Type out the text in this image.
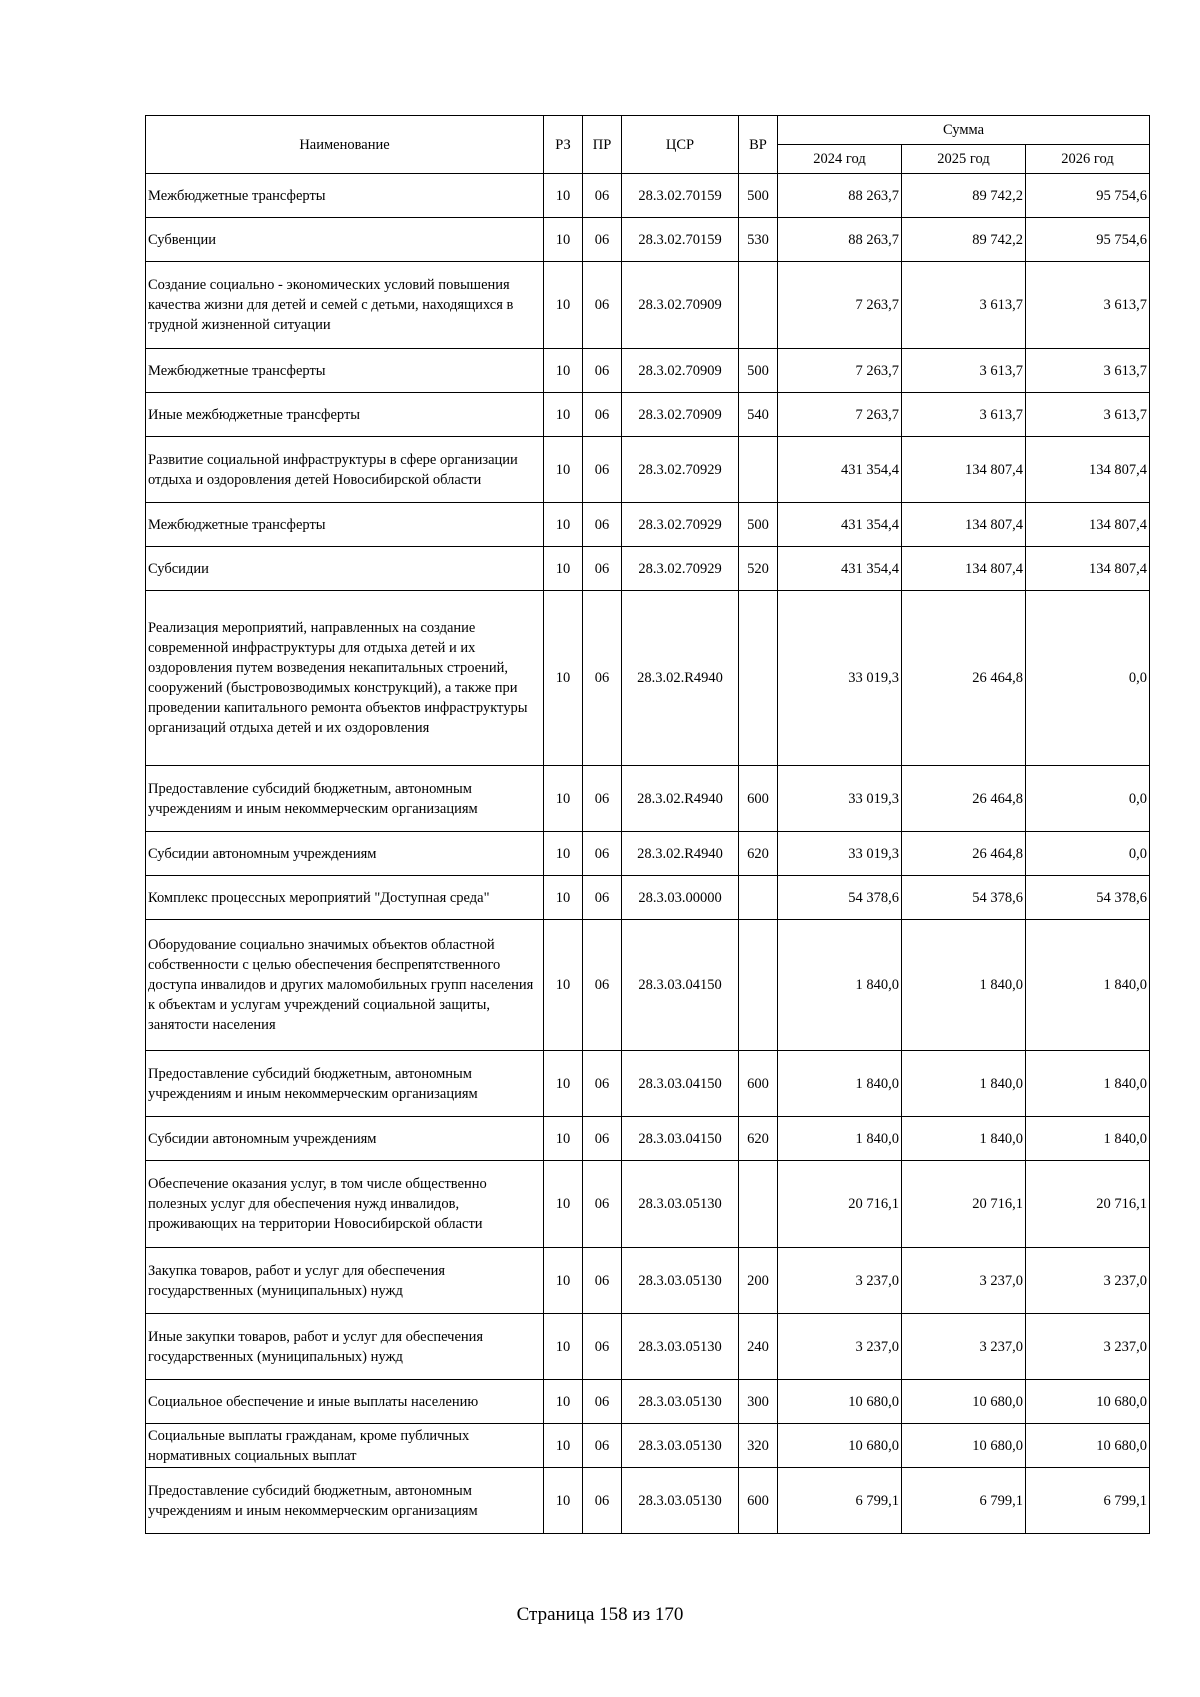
Наименование	РЗ	ПР	ЦСР	ВР	Сумма		
					2024 год	2025 год	2026 год
Межбюджетные трансферты	10	06	28.3.02.70159	500	88 263,7	89 742,2	95 754,6
Субвенции	10	06	28.3.02.70159	530	88 263,7	89 742,2	95 754,6
Создание социально - экономических условий повышения качества жизни для детей и семей с детьми, находящихся в трудной жизненной ситуации	10	06	28.3.02.70909		7 263,7	3 613,7	3 613,7
Межбюджетные трансферты	10	06	28.3.02.70909	500	7 263,7	3 613,7	3 613,7
Иные межбюджетные трансферты	10	06	28.3.02.70909	540	7 263,7	3 613,7	3 613,7
Развитие социальной инфраструктуры в сфере организации отдыха и оздоровления детей Новосибирской области	10	06	28.3.02.70929		431 354,4	134 807,4	134 807,4
Межбюджетные трансферты	10	06	28.3.02.70929	500	431 354,4	134 807,4	134 807,4
Субсидии	10	06	28.3.02.70929	520	431 354,4	134 807,4	134 807,4
Реализация мероприятий, направленных на создание современной инфраструктуры для отдыха детей и их оздоровления путем возведения некапитальных строений, сооружений (быстровозводимых конструкций), а также при проведении капитального ремонта объектов инфраструктуры организаций отдыха детей и их оздоровления	10	06	28.3.02.R4940		33 019,3	26 464,8	0,0
Предоставление субсидий бюджетным, автономным учреждениям и иным некоммерческим организациям	10	06	28.3.02.R4940	600	33 019,3	26 464,8	0,0
Субсидии автономным учреждениям	10	06	28.3.02.R4940	620	33 019,3	26 464,8	0,0
Комплекс процессных мероприятий "Доступная среда"	10	06	28.3.03.00000		54 378,6	54 378,6	54 378,6
Оборудование социально значимых объектов областной собственности с целью обеспечения беспрепятственного доступа инвалидов и других маломобильных групп населения к объектам и услугам учреждений социальной защиты, занятости населения	10	06	28.3.03.04150		1 840,0	1 840,0	1 840,0
Предоставление субсидий бюджетным, автономным учреждениям и иным некоммерческим организациям	10	06	28.3.03.04150	600	1 840,0	1 840,0	1 840,0
Субсидии автономным учреждениям	10	06	28.3.03.04150	620	1 840,0	1 840,0	1 840,0
Обеспечение оказания услуг, в том числе общественно полезных услуг для обеспечения нужд инвалидов, проживающих на территории Новосибирской области	10	06	28.3.03.05130		20 716,1	20 716,1	20 716,1
Закупка товаров, работ и услуг для обеспечения государственных (муниципальных) нужд	10	06	28.3.03.05130	200	3 237,0	3 237,0	3 237,0
Иные закупки товаров, работ и услуг для обеспечения государственных (муниципальных) нужд	10	06	28.3.03.05130	240	3 237,0	3 237,0	3 237,0
Социальное обеспечение и иные выплаты населению	10	06	28.3.03.05130	300	10 680,0	10 680,0	10 680,0
Социальные выплаты гражданам, кроме публичных нормативных социальных выплат	10	06	28.3.03.05130	320	10 680,0	10 680,0	10 680,0
Предоставление субсидий бюджетным, автономным учреждениям и иным некоммерческим организациям	10	06	28.3.03.05130	600	6 799,1	6 799,1	6 799,1
Страница 158 из 170
